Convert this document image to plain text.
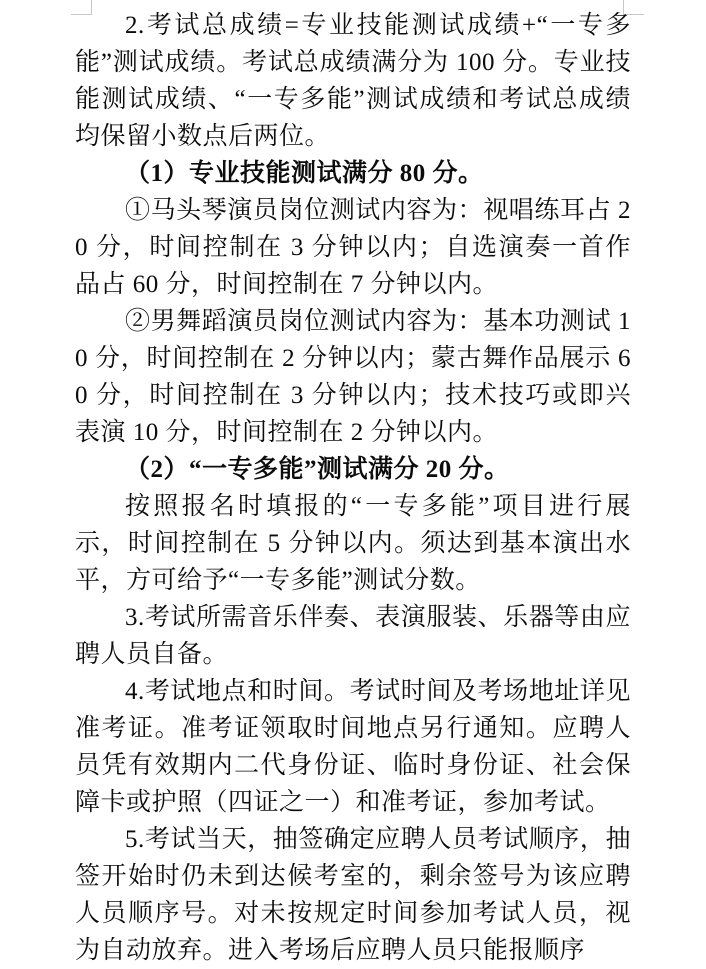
2.考试总成绩=专业技能测试成绩+“一专多能”测试成绩。考试总成绩满分为 100 分。专业技能测试成绩、“一专多能”测试成绩和考试总成绩均保留小数点后两位。

（1）专业技能测试满分 80 分。

①马头琴演员岗位测试内容为：视唱练耳占 20 分，时间控制在 3 分钟以内；自选演奏一首作品占 60 分，时间控制在 7 分钟以内。

②男舞蹈演员岗位测试内容为：基本功测试 10 分，时间控制在 2 分钟以内；蒙古舞作品展示 60 分，时间控制在 3 分钟以内；技术技巧或即兴表演 10 分，时间控制在 2 分钟以内。

（2）“一专多能”测试满分 20 分。

按照报名时填报的“一专多能”项目进行展示，时间控制在 5 分钟以内。须达到基本演出水平，方可给予“一专多能”测试分数。

3.考试所需音乐伴奏、表演服装、乐器等由应聘人员自备。

4.考试地点和时间。考试时间及考场地址详见准考证。准考证领取时间地点另行通知。应聘人员凭有效期内二代身份证、临时身份证、社会保障卡或护照（四证之一）和准考证，参加考试。

5.考试当天，抽签确定应聘人员考试顺序，抽签开始时仍未到达候考室的，剩余签号为该应聘人员顺序号。对未按规定时间参加考试人员，视为自动放弃。进入考场后应聘人员只能报顺序
